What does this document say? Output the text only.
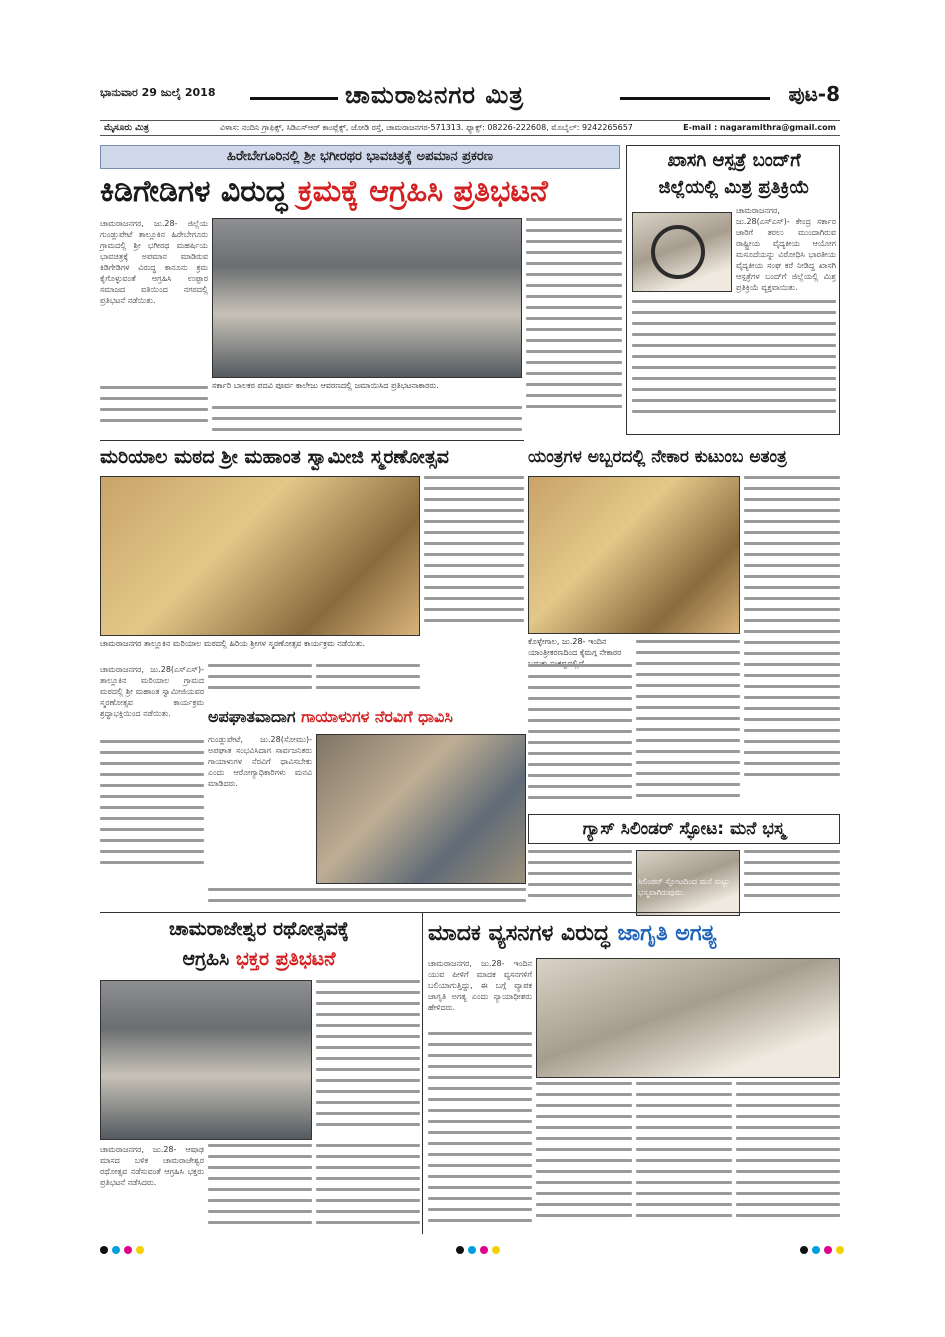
ಭಾನುವಾರ 29 ಜುಲೈ 2018	ಚಾಮರಾಜನಗರ ಮಿತ್ರ	ಪುಟ-8
ಮೈಸೂರು ಮಿತ್ರ	ವಿಳಾಸ: ನಂದಿನಿ ಗ್ರಾಫಿಕ್ಸ್, ಸಿಡಿಎಸ್‌ಆರ್ ಕಾಂಪ್ಲೆಕ್ಸ್, ಜೋಡಿ ರಸ್ತೆ, ಚಾಮರಾಜನಗರ-571313. ಫ್ಯಾಕ್ಸ್: 08226-222608, ಮೊಬೈಲ್: 9242265657	E-mail : nagaramithra@gmail.com
ಹಿರೇಬೇಗೂರಿನಲ್ಲಿ ಶ್ರೀ ಭಗೀರಥರ ಭಾವಚಿತ್ರಕ್ಕೆ ಅಪಮಾನ ಪ್ರಕರಣ
ಕಿಡಿಗೇಡಿಗಳ ವಿರುದ್ಧ ಕ್ರಮಕ್ಕೆ ಆಗ್ರಹಿಸಿ ಪ್ರತಿಭಟನೆ
ಚಾಮರಾಜನಗರ, ಜು.28- ಜಿಲ್ಲೆಯ ಗುಂಡ್ಲುಪೇಟೆ ತಾಲ್ಲೂಕಿನ ಹಿರೇಬೇಗೂರು ಗ್ರಾಮದಲ್ಲಿ ಶ್ರೀ ಭಗೀರಥ ಮಹರ್ಷಿಯ ಭಾವಚಿತ್ರಕ್ಕೆ ಅಪಮಾನ ಮಾಡಿರುವ ಕಿಡಿಗೇಡಿಗಳ ವಿರುದ್ಧ ಕಾನೂನು ಕ್ರಮ ಕೈಗೊಳ್ಳುವಂತೆ ಆಗ್ರಹಿಸಿ ಉಪ್ಪಾರ ಸಮಾಜದ ವತಿಯಿಂದ ನಗರದಲ್ಲಿ ಪ್ರತಿಭಟನೆ ನಡೆಯಿತು.
ಸರ್ಕಾರಿ ಬಾಲಕರ ಪದವಿ ಪೂರ್ವ ಕಾಲೇಜು ಆವರಣದಲ್ಲಿ ಜಮಾಯಿಸಿದ ಪ್ರತಿಭಟನಾಕಾರರು.
ಖಾಸಗಿ ಆಸ್ಪತ್ರೆ ಬಂದ್‌ಗೆ
ಜಿಲ್ಲೆಯಲ್ಲಿ ಮಿಶ್ರ ಪ್ರತಿಕ್ರಿಯೆ
ಚಾಮರಾಜನಗರ, ಜು.28(ಎಸ್‌ಎಸ್)- ಕೇಂದ್ರ ಸರ್ಕಾರ ಜಾರಿಗೆ ತರಲು ಮುಂದಾಗಿರುವ ರಾಷ್ಟ್ರೀಯ ವೈದ್ಯಕೀಯ ಆಯೋಗ ಮಸೂದೆಯನ್ನು ವಿರೋಧಿಸಿ ಭಾರತೀಯ ವೈದ್ಯಕೀಯ ಸಂಘ ಕರೆ ನೀಡಿದ್ದ ಖಾಸಗಿ ಆಸ್ಪತ್ರೆಗಳ ಬಂದ್‌ಗೆ ಜಿಲ್ಲೆಯಲ್ಲಿ ಮಿಶ್ರ ಪ್ರತಿಕ್ರಿಯೆ ವ್ಯಕ್ತವಾಯಿತು.
ಮರಿಯಾಲ ಮಠದ ಶ್ರೀ ಮಹಾಂತ ಸ್ವಾಮೀಜಿ ಸ್ಮರಣೋತ್ಸವ
ಚಾಮರಾಜನಗರ ತಾಲ್ಲೂಕಿನ ಮರಿಯಾಲ ಮಠದಲ್ಲಿ ಹಿರಿಯ ಶ್ರೀಗಳ ಸ್ಮರಣೋತ್ಸವ ಕಾರ್ಯಕ್ರಮ ನಡೆಯಿತು.
ಚಾಮರಾಜನಗರ, ಜು.28(ಎಸ್‌ಎಸ್)- ತಾಲ್ಲೂಕಿನ ಮರಿಯಾಲ ಗ್ರಾಮದ ಮಠದಲ್ಲಿ ಶ್ರೀ ಮಹಾಂತ ಸ್ವಾಮೀಜಿಯವರ ಸ್ಮರಣೋತ್ಸವ ಕಾರ್ಯಕ್ರಮ ಶ್ರದ್ಧಾಭಕ್ತಿಯಿಂದ ನಡೆಯಿತು.
ಯಂತ್ರಗಳ ಅಬ್ಬರದಲ್ಲಿ ನೇಕಾರ ಕುಟುಂಬ ಅತಂತ್ರ
ಕೊಳ್ಳೇಗಾಲ, ಜು.28- ಇಂದಿನ ಯಾಂತ್ರೀಕರಣದಿಂದ ಕೈಮಗ್ಗ ನೇಕಾರರ
ಅಪಘಾತವಾದಾಗ ಗಾಯಾಳುಗಳ ನೆರವಿಗೆ ಧಾವಿಸಿ
ಗುಂಡ್ಲುಪೇಟೆ, ಜು.28(ಸೋಮು)- ಅಪಘಾತ ಸಂಭವಿಸಿದಾಗ ಸಾರ್ವಜನಿಕರು ಗಾಯಾಳುಗಳ ನೆರವಿಗೆ ಧಾವಿಸಬೇಕು ಎಂದು ಆರೋಗ್ಯಾಧಿಕಾರಿಗಳು ಮನವಿ ಮಾಡಿದರು.
ಗ್ಯಾಸ್ ಸಿಲಿಂಡರ್ ಸ್ಫೋಟ: ಮನೆ ಭಸ್ಮ
ಸಿಲಿಂಡರ್ ಸ್ಫೋಟದಿಂದ ಮನೆ ಸುಟ್ಟು ಭಸ್ಮವಾಗಿರುವುದು.
ಚಾಮರಾಜೇಶ್ವರ ರಥೋತ್ಸವಕ್ಕೆ
ಆಗ್ರಹಿಸಿ ಭಕ್ತರ ಪ್ರತಿಭಟನೆ
ಚಾಮರಾಜನಗರ, ಜು.28- ಆಷಾಢ ಮಾಸದ ಬಳಿಕ ಚಾಮರಾಜೇಶ್ವರ ರಥೋತ್ಸವ ನಡೆಸುವಂತೆ ಆಗ್ರಹಿಸಿ ಭಕ್ತರು ಪ್ರತಿಭಟನೆ ನಡೆಸಿದರು.
ಮಾದಕ ವ್ಯಸನಗಳ ವಿರುದ್ಧ ಜಾಗೃತಿ ಅಗತ್ಯ
ಚಾಮರಾಜನಗರ, ಜು.28- ಇಂದಿನ ಯುವ ಪೀಳಿಗೆ ಮಾದಕ ವ್ಯಸನಗಳಿಗೆ ಬಲಿಯಾಗುತ್ತಿದ್ದು, ಈ ಬಗ್ಗೆ ವ್ಯಾಪಕ ಜಾಗೃತಿ ಅಗತ್ಯ ಎಂದು ನ್ಯಾಯಾಧೀಶರು ಹೇಳಿದರು.
